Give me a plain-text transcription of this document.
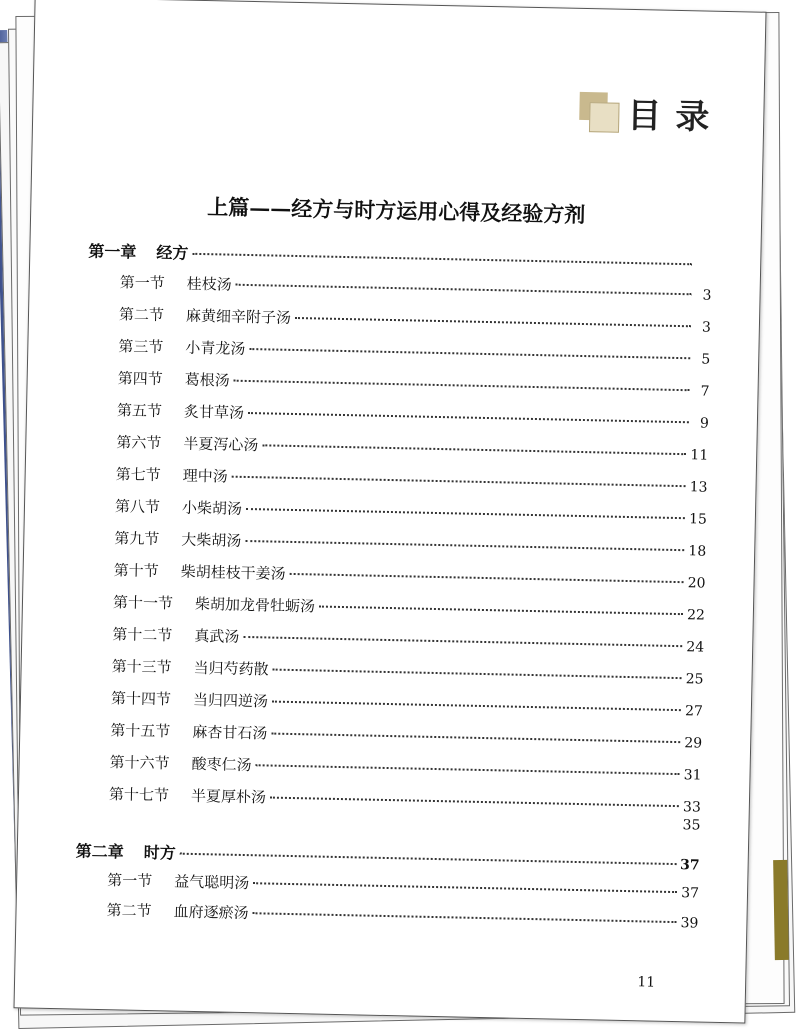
目录
上篇——经方与时方运用心得及经验方剂
第一章 经方
第一节 桂枝汤
3
第二节 麻黄细辛附子汤
3
第三节 小青龙汤
5
第四节 葛根汤
7
第五节 炙甘草汤
9
第六节 半夏泻心汤
11
第七节 理中汤
13
第八节 小柴胡汤
15
第九节 大柴胡汤
18
第十节 柴胡桂枝干姜汤
20
第十一节 柴胡加龙骨牡蛎汤	22
第十二节 真武汤
24
第十三节 当归芍药散
25
第十四节 当归四逆汤
27
第十五节 麻杏甘石汤
29
第十六节 酸枣仁汤
31
第十七节 半夏厚朴汤
33
35
第二章 时方
37
第一节 益气聪明汤
37
第二节 血府逐瘀汤
39
11
